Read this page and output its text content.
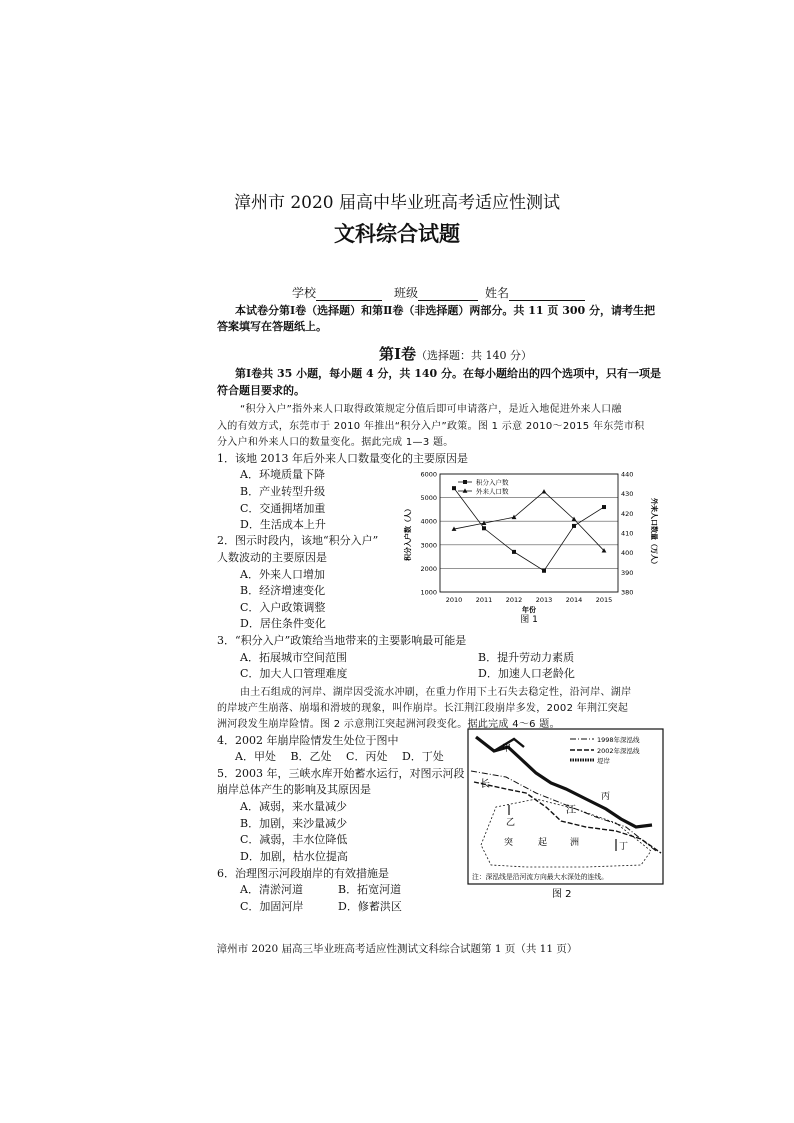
漳州市 2020 届高中毕业班高考适应性测试
文科综合试题
学校	班级	姓名
本试卷分第Ⅰ卷（选择题）和第Ⅱ卷（非选择题）两部分。共 11 页 300 分，请考生把
答案填写在答题纸上。
第Ⅰ卷（选择题：共 140 分）
第Ⅰ卷共 35 小题，每小题 4 分，共 140 分。在每小题给出的四个选项中，只有一项是
符合题目要求的。
“积分入户”指外来人口取得政策规定分值后即可申请落户，是近入地促进外来人口融
入的有效方式，东莞市于 2010 年推出“积分入户”政策。图 1 示意 2010～2015 年东莞市积
分入户和外来人口的数量变化。据此完成 1—3 题。
1．该地 2013 年后外来人口数量变化的主要原因是
A．环境质量下降
B．产业转型升级
C．交通拥堵加重
D．生活成本上升
2．图示时段内，该地“积分入户”
人数波动的主要原因是
A．外来人口增加
B．经济增速变化
C．入户政策调整
D．居住条件变化
1000
2000
3000
4000
5000
6000
380
390
400
410
420
430
440
2010 2011 2012 2013 2014 2015
年份
图 1
积分入户数（人）	外来人口数量（万人）
积分入户数
外来人口数
3．“积分入户”政策给当地带来的主要影响最可能是
A．拓展城市空间范围	B．提升劳动力素质
C．加大人口管理难度	D．加速人口老龄化
由土石组成的河岸、湖岸因受流水冲刷，在重力作用下土石失去稳定性，沿河岸、湖岸
的岸坡产生崩落、崩塌和滑坡的现象，叫作崩岸。长江荆江段崩岸多发，2002 年荆江突起
洲河段发生崩岸险情。图 2 示意荆江突起洲河段变化。据此完成 4～6 题。
4．2002 年崩岸险情发生处位于图中
A．甲处  B．乙处  C．丙处  D．丁处
5．2003 年，三峡水库开始蓄水运行，对图示河段
崩岸总体产生的影响及其原因是
A．减弱，来水量减少
B．加剧，来沙量减少
C．减弱，丰水位降低
D．加剧，枯水位提高
6．治理图示河段崩岸的有效措施是
A．清淤河道	B．拓宽河道
C．加固河岸	D．修蓄洪区
1998年深泓线
2002年深泓线
堤岸
甲
乙
丙
丁
长
江
突	起	洲
注：深泓线是沿河流方向最大水深处的连线。
图 2
漳州市 2020 届高三毕业班高考适应性测试文科综合试题第 1 页（共 11 页）
